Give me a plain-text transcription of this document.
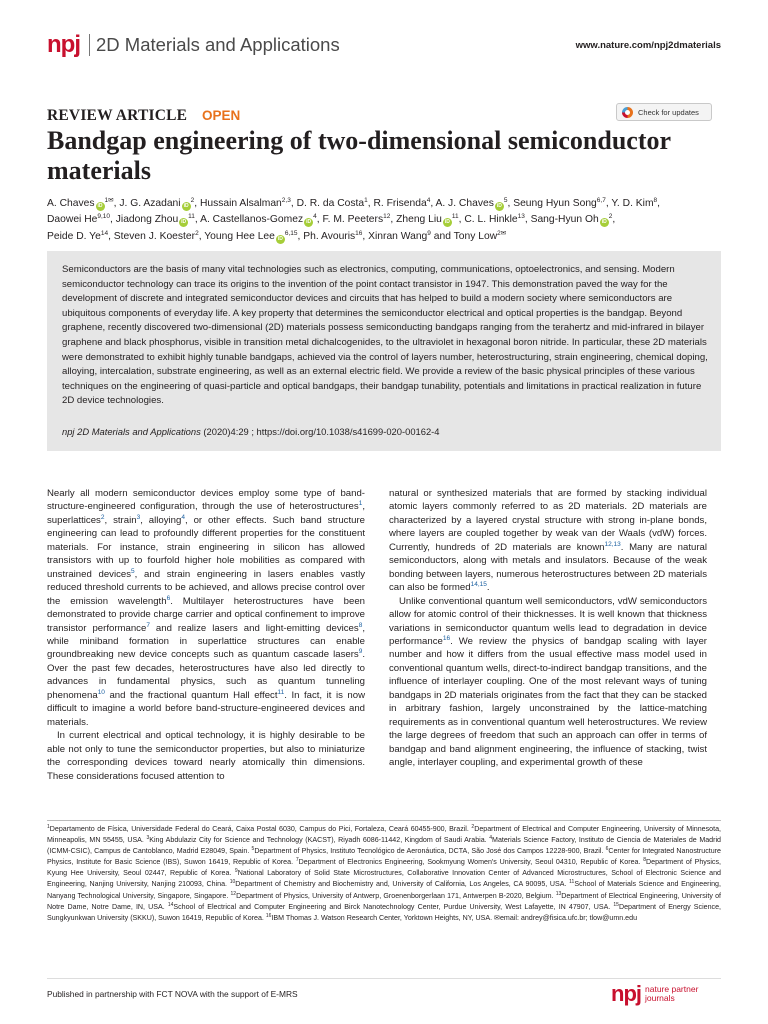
npj 2D Materials and Applications	www.nature.com/npj2dmaterials
REVIEW ARTICLE OPEN	Check for updates
Bandgap engineering of two-dimensional semiconductor
materials
A. Chaves $iD^{1✉}$, J. G. Azadani $iD^2$, Hussain Alsalman$^{2,3}$, D. R. da Costa$^1$, R. Frisenda$^4$, A. J. Chaves $iD^5$, Seung Hyun Song$^{6,7}$, Y. D. Kim$^8$,
Daowei He$^{9,10}$, Jiadong Zhou $iD^{11}$, A. Castellanos-Gomez $iD^4$, F. M. Peeters$^{12}$, Zheng Liu $iD^{11}$, C. L. Hinkle$^{13}$, Sang-Hyun Oh $iD^2$,
Peide D. Ye$^{14}$, Steven J. Koester$^2$, Young Hee Lee iD$^{6,15}$, Ph. Avouris$^{16}$, Xinran Wang$^9$ and Tony Low$^{2✉}$
Semiconductors are the basis of many vital technologies such as electronics, computing, communications, optoelectronics, and sensing. Modern semiconductor technology can trace its origins to the invention of the point contact transistor in 1947. This demonstration paved the way for the development of discrete and integrated semiconductor devices and circuits that has helped to build a modern society where semiconductors are ubiquitous components of everyday life. A key property that determines the semiconductor electrical and optical properties is the bandgap. Beyond graphene, recently discovered two-dimensional (2D) materials possess semiconducting bandgaps ranging from the terahertz and mid-infrared in bilayer graphene and black phosphorus, visible in transition metal dichalcogenides, to the ultraviolet in hexagonal boron nitride. In particular, these 2D materials were demonstrated to exhibit highly tunable bandgaps, achieved via the control of layers number, heterostructuring, strain engineering, chemical doping, alloying, intercalation, substrate engineering, as well as an external electric field. We provide a review of the basic physical principles of these various techniques on the engineering of quasi-particle and optical bandgaps, their bandgap tunability, potentials and limitations in practical realization in future 2D device technologies.
npj 2D Materials and Applications (2020)4:29 ; https://doi.org/10.1038/s41699-020-00162-4

Nearly all modern semiconductor devices employ some type of band-structure-engineered configuration, through the use of heterostructures$^1$, superlattices$^2$, strain$^3$, alloying$^4$, or other effects. Such band structure engineering can lead to profoundly different properties for the constituent materials. For instance, strain engineering in silicon has allowed transistors with up to fourfold higher hole mobilities as compared with unstrained devices$^5$, and strain engineering in lasers enables vastly reduced threshold currents to be achieved, and allows precise control over the emission wavelength$^6$. Multilayer heterostructures have been demonstrated to provide charge carrier and optical confinement to improve transistor performance$^7$ and realize lasers and light-emitting devices$^8$, while miniband formation in superlattice structures can enable groundbreaking new device concepts such as quantum cascade lasers$^9$. Over the past few decades, heterostructures have also led directly to advances in fundamental physics, such as quantum tunneling phenomena$^{10}$ and the fractional quantum Hall effect$^{11}$. In fact, it is now difficult to imagine a world before band-structure-engineered devices and materials.

In current electrical and optical technology, it is highly desirable to be able not only to tune the semiconductor properties, but also to miniaturize the corresponding devices toward nearly atomically thin dimensions. These considerations focused attention to

natural or synthesized materials that are formed by stacking individual atomic layers commonly referred to as 2D materials. 2D materials are characterized by a layered crystal structure with strong in-plane bonds, where layers are coupled together by weak van der Waals (vdW) forces. Currently, hundreds of 2D materials are known$^{12,13}$. Many are natural semiconductors, along with metals and insulators. Because of the weak bonding between layers, numerous heterostructures between 2D materials can also be formed$^{14,15}$.

Unlike conventional quantum well semiconductors, vdW semiconductors allow for atomic control of their thicknesses. It is well known that thickness variations in semiconductor quantum wells lead to degradation in device performance$^{16}$. We review the physics of bandgap scaling with layer number and how it differs from the usual effective mass model used in conventional quantum wells, direct-to-indirect bandgap transitions, and the influence of interlayer coupling. One of the most relevant ways of tuning bandgaps in 2D materials originates from the fact that they can be stacked in arbitrary fashion, largely unconstrained by the lattice-matching requirements as in conventional quantum well heterostructures. We review the large degrees of freedom that such an approach can offer in terms of bandgap and band alignment engineering, the influence of stacking, twist angle, interlayer coupling, and experimental growth of these

$^1$Departamento de Física, Universidade Federal do Ceará, Caixa Postal 6030, Campus do Pici, Fortaleza, Ceará 60455-900, Brazil. $^2$Department of Electrical and Computer Engineering, University of Minnesota, Minneapolis, MN 55455, USA. $^3$King Abdulaziz City for Science and Technology (KACST), Riyadh 6086-11442, Kingdom of Saudi Arabia. $^4$Materials Science Factory, Instituto de Ciencia de Materiales de Madrid (ICMM-CSIC), Campus de Cantoblanco, Madrid E28049, Spain. $^5$Department of Physics, Instituto Tecnológico de Aeronáutica, DCTA, São José dos Campos 12228-900, Brazil. $^6$Center for Integrated Nanostructure Physics, Institute for Basic Science (IBS), Suwon 16419, Republic of Korea. $^7$Department of Electronics Engineering, Sookmyung Women's University, Seoul 04310, Republic of Korea. $^8$Department of Physics, Kyung Hee University, Seoul 02447, Republic of Korea. $^9$National Laboratory of Solid State Microstructures, Collaborative Innovation Center of Advanced Microstructures, School of Electronic Science and Engineering, Nanjing University, Nanjing 210093, China. $^{10}$Department of Chemistry and Biochemistry and, University of California, Los Angeles, CA 90095, USA. $^{11}$School of Materials Science and Engineering, Nanyang Technological University, Singapore, Singapore. $^{12}$Department of Physics, University of Antwerp, Groenenborgerlaan 171, Antwerpen B-2020, Belgium. $^{13}$Department of Electrical Engineering, University of Notre Dame, Notre Dame, IN, USA. $^{14}$School of Electrical and Computer Engineering and Birck Nanotechnology Center, Purdue University, West Lafayette, IN 47907, USA. $^{15}$Department of Energy Science, Sungkyunkwan University (SKKU), Suwon 16419, Republic of Korea. $^{16}$IBM Thomas J. Watson Research Center, Yorktown Heights, NY, USA. ✉email: andrey@fisica.ufc.br; tlow@umn.edu
Published in partnership with FCT NOVA with the support of E-MRS	npj nature partner
journals
